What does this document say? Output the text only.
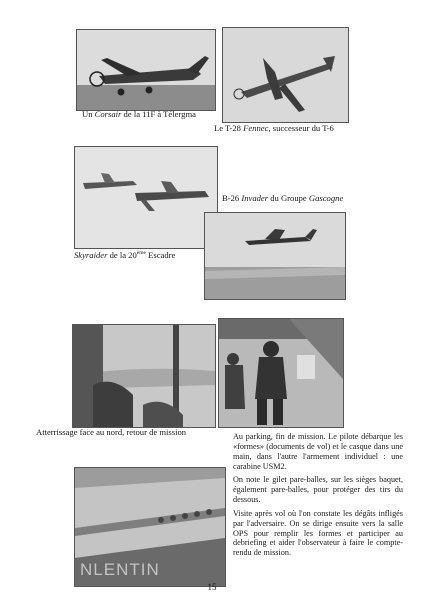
Un Corsair de la 11F à Télergma
Le T-28 Fennec, successeur du T-6
B-26 Invader du Groupe Gascogne
Skyraider de la 20ème Escadre
Atterrissage face au nord, retour de mission	Au parking, fin de mission. Le pilote débarque les «formes» (documents de vol) et le casque dans une main, dans l'autre l'armement individuel : une carabine USM2.

On note le gilet pare-balles, sur les sièges baquet, également pare-balles, pour protéger des tirs du dessous.

Visite après vol où l'on constate les dégâts infligés par l'adversaire. On se dirige ensuite vers la salle OPS pour remplir les formes et participer au debriefing et aider l'observateur à faire le compte-rendu de mission.

NLENTIN
15
